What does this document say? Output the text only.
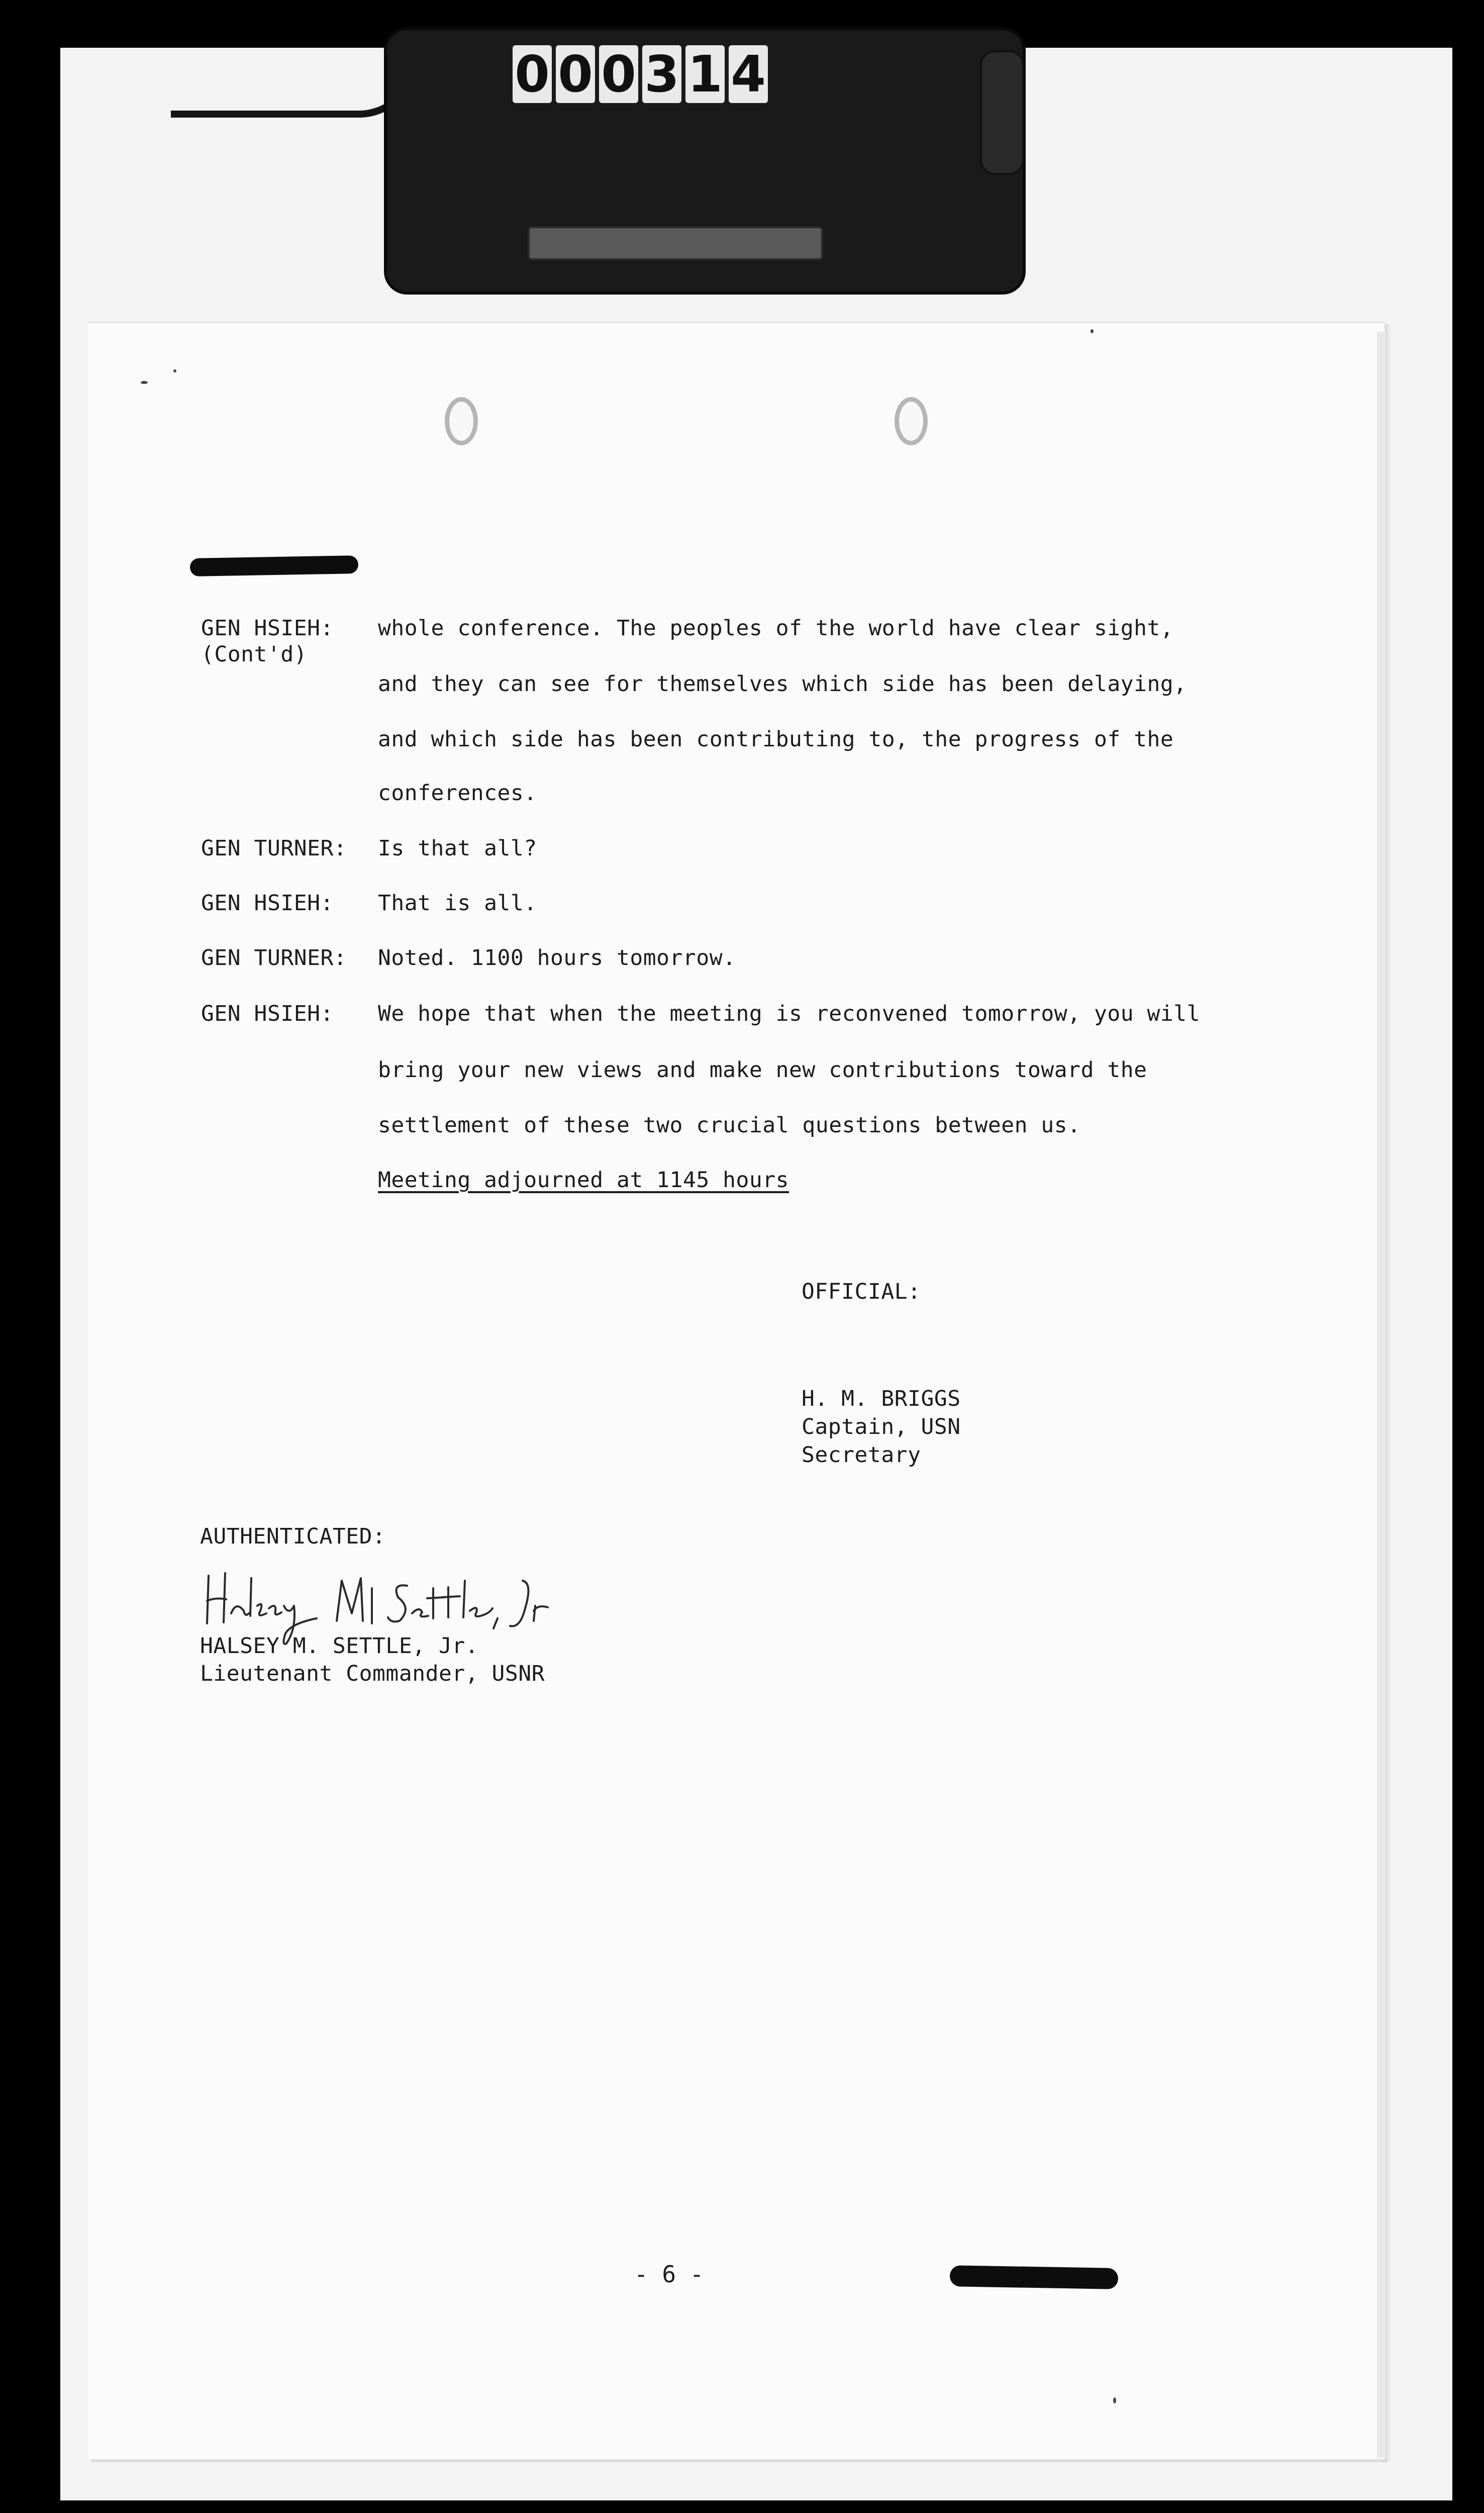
0 0 0 3 1 4
GEN HSIEH:
(Cont'd)
whole conference. The peoples of the world have clear sight,
and they can see for themselves which side has been delaying,
and which side has been contributing to, the progress of the
conferences.
GEN TURNER: Is that all?
GEN HSIEH: That is all.
GEN TURNER: Noted. 1100 hours tomorrow.
GEN HSIEH: We hope that when the meeting is reconvened tomorrow, you will
bring your new views and make new contributions toward the
settlement of these two crucial questions between us.
Meeting adjourned at 1145 hours
OFFICIAL:
H. M. BRIGGS
Captain, USN
Secretary
AUTHENTICATED:
HALSEY M. SETTLE, Jr.
Lieutenant Commander, USNR
- 6 -
